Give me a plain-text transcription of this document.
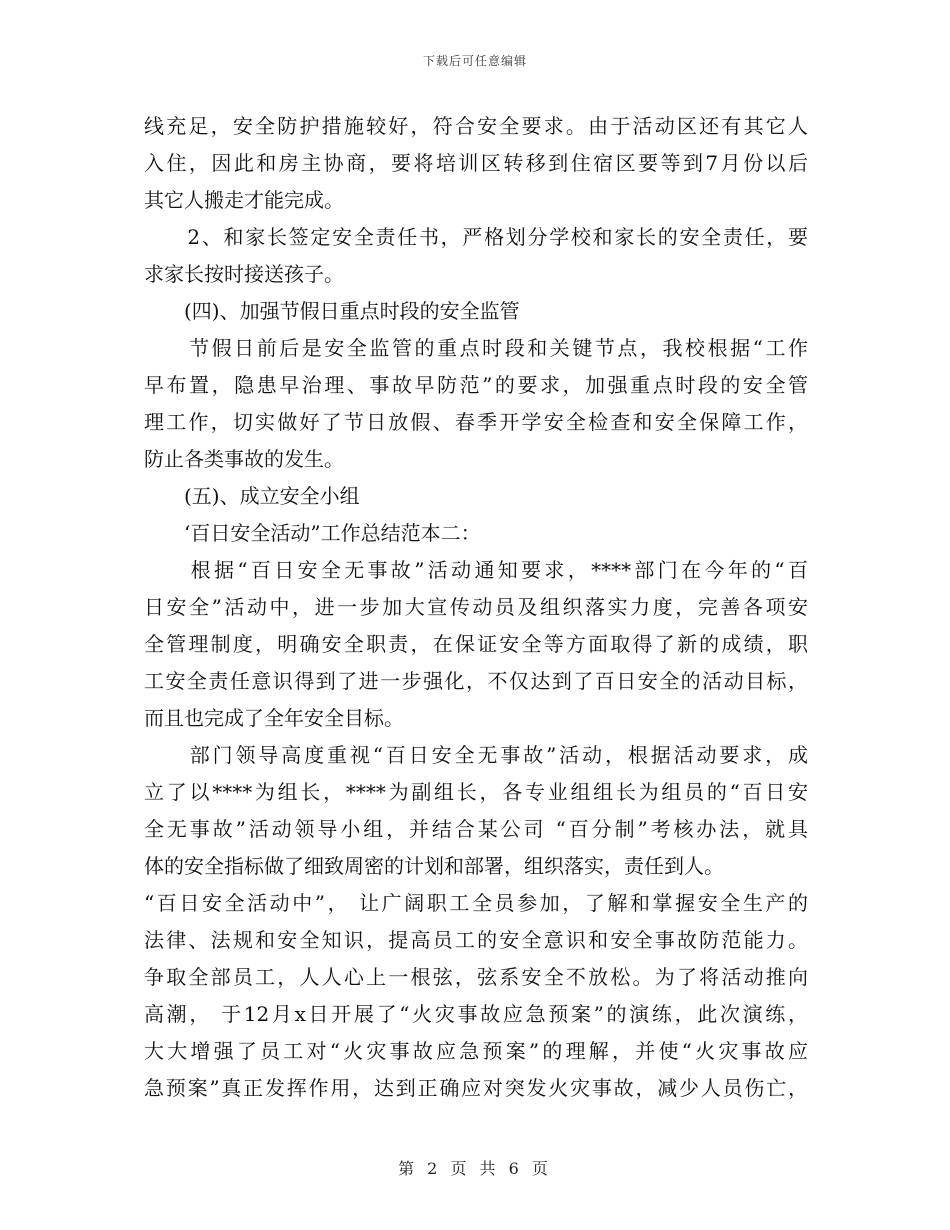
下载后可任意编辑
线充足，安全防护措施较好，符合安全要求。由于活动区还有其它人
入住，因此和房主协商，要将培训区转移到住宿区要等到7月份以后
其它人搬走才能完成。
　　2、和家长签定安全责任书，严格划分学校和家长的安全责任，要
求家长按时接送孩子。
　　(四)、加强节假日重点时段的安全监管
　　节假日前后是安全监管的重点时段和关键节点，我校根据“工作
早布置，隐患早治理、事故早防范”的要求，加强重点时段的安全管
理工作，切实做好了节日放假、春季开学安全检查和安全保障工作，
防止各类事故的发生。
　　(五)、成立安全小组
　　‘百日安全活动”工作总结范本二：
　　根据“百日安全无事故”活动通知要求，****部门在今年的“百
日安全”活动中，进一步加大宣传动员及组织落实力度，完善各项安
全管理制度，明确安全职责，在保证安全等方面取得了新的成绩，职
工安全责任意识得到了进一步强化，不仅达到了百日安全的活动目标，
而且也完成了全年安全目标。
　　部门领导高度重视“百日安全无事故”活动，根据活动要求，成
立了以****为组长，****为副组长，各专业组组长为组员的“百日安
全无事故”活动领导小组，并结合某公司 “百分制”考核办法，就具
体的安全指标做了细致周密的计划和部署，组织落实，责任到人。
“百日安全活动中”， 让广阔职工全员参加，了解和掌握安全生产的
法律、法规和安全知识，提高员工的安全意识和安全事故防范能力。
争取全部员工，人人心上一根弦，弦系安全不放松。为了将活动推向
高潮， 于12月x日开展了“火灾事故应急预案”的演练，此次演练，
大大增强了员工对“火灾事故应急预案”的理解，并使“火灾事故应
急预案”真正发挥作用，达到正确应对突发火灾事故，减少人员伤亡，
第 2 页 共 6 页
